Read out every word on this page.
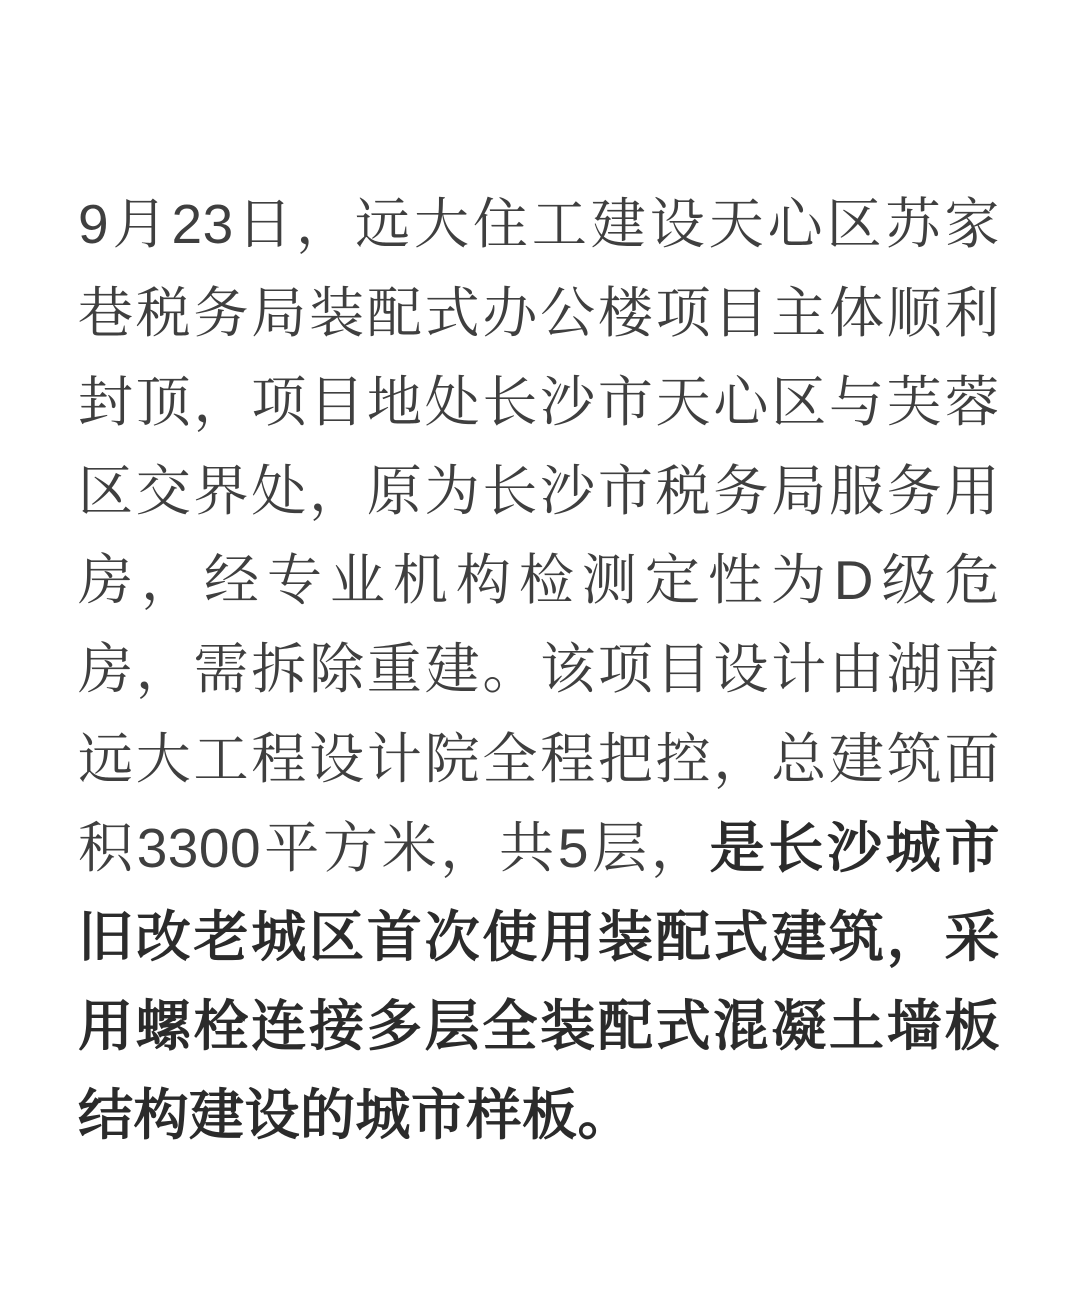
9月23日，远大住工建设天心区苏家巷税务局装配式办公楼项目主体顺利封顶，项目地处长沙市天心区与芙蓉区交界处，原为长沙市税务局服务用房，经专业机构检测定性为D级危房，需拆除重建。该项目设计由湖南远大工程设计院全程把控，总建筑面积3300平方米，共5层，是长沙城市旧改老城区首次使用装配式建筑，采用螺栓连接多层全装配式混凝土墙板结构建设的城市样板。
